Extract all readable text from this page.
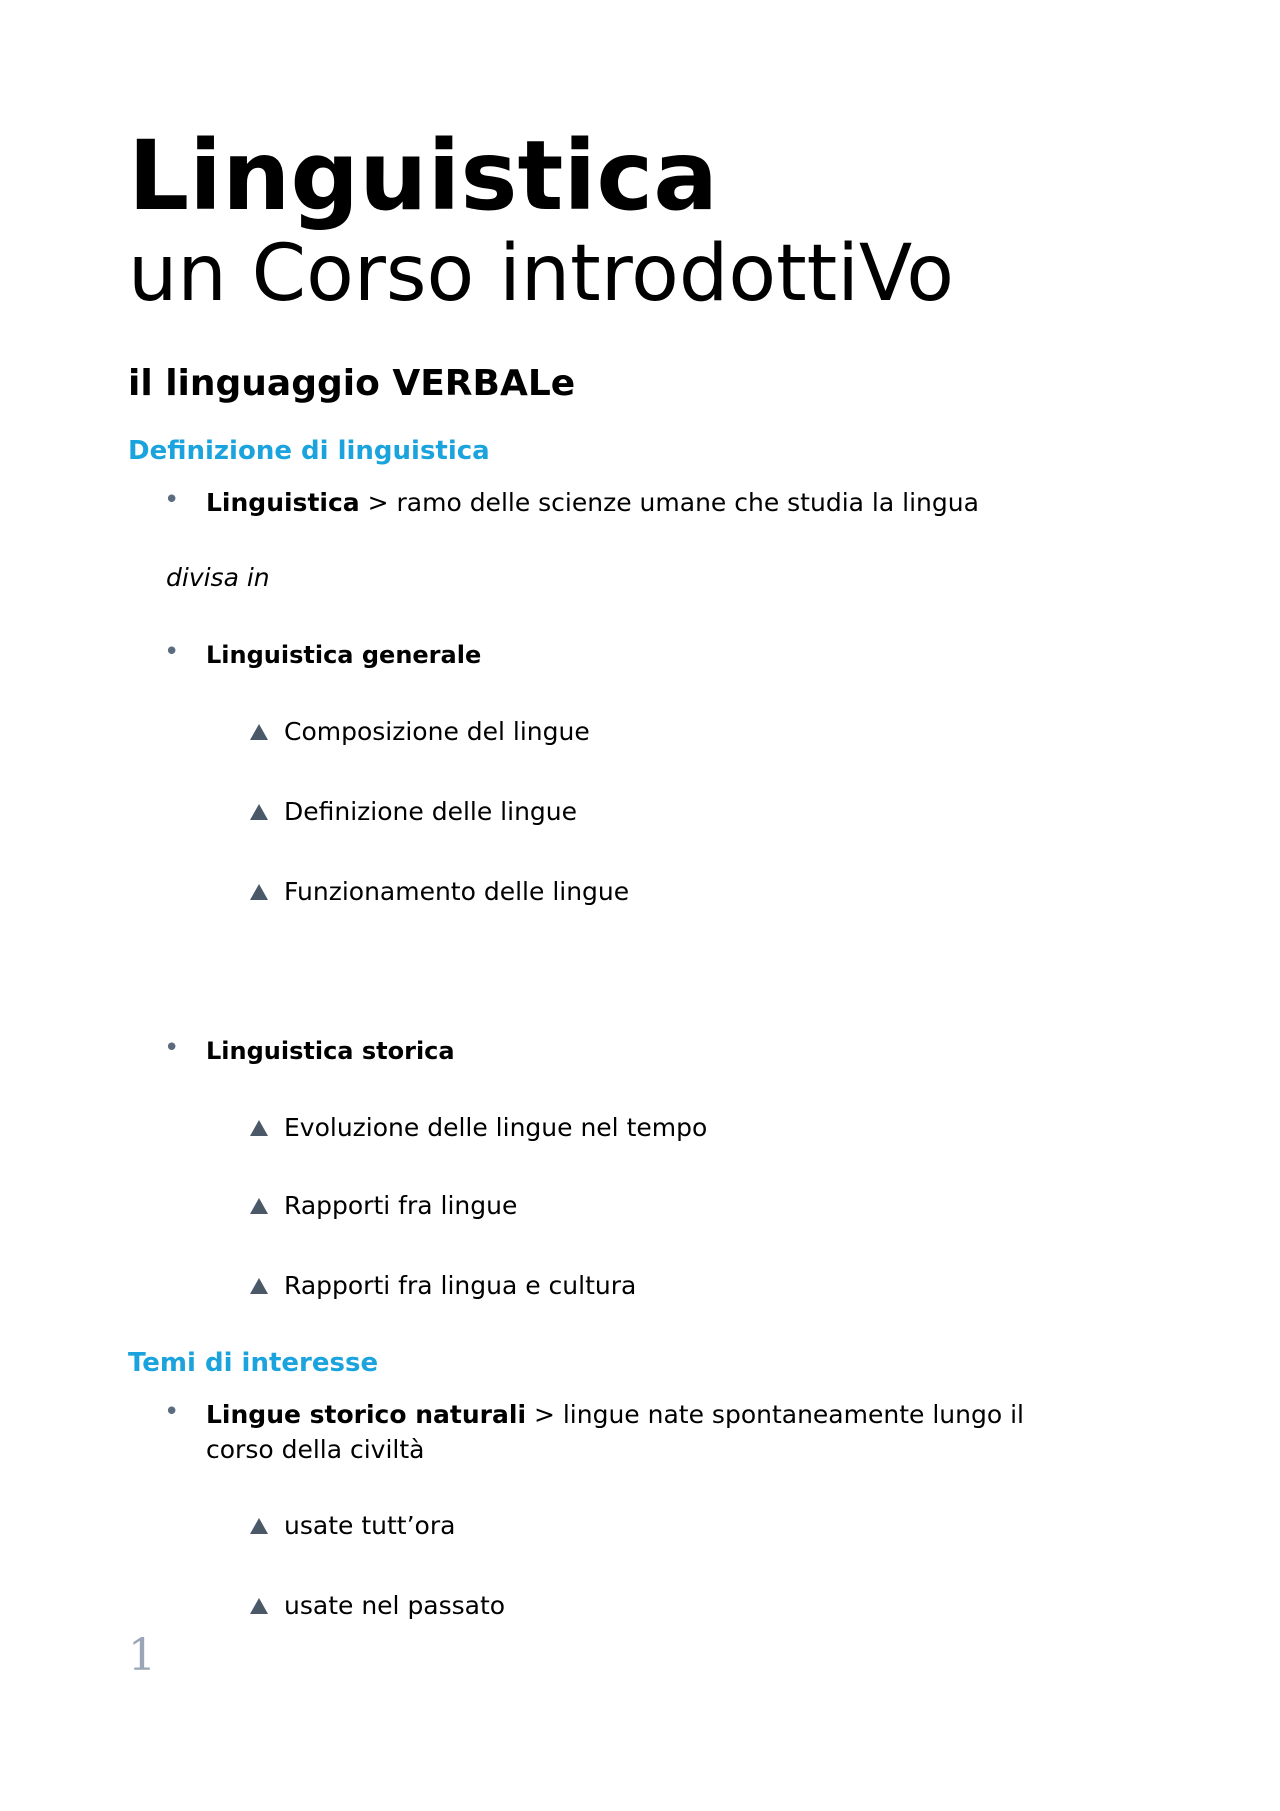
Linguistica
un Corso introdottiVo
il linguaggio VERBALe
Definizione di linguistica
• Linguistica > ramo delle scienze umane che studia la lingua
divisa in
• Linguistica generale
Composizione del lingue
Definizione delle lingue
Funzionamento delle lingue
• Linguistica storica
Evoluzione delle lingue nel tempo
Rapporti fra lingue
Rapporti fra lingua e cultura
Temi di interesse
• Lingue storico naturali > lingue nate spontaneamente lungo il
corso della civiltà
usate tutt’ora
usate nel passato
1
